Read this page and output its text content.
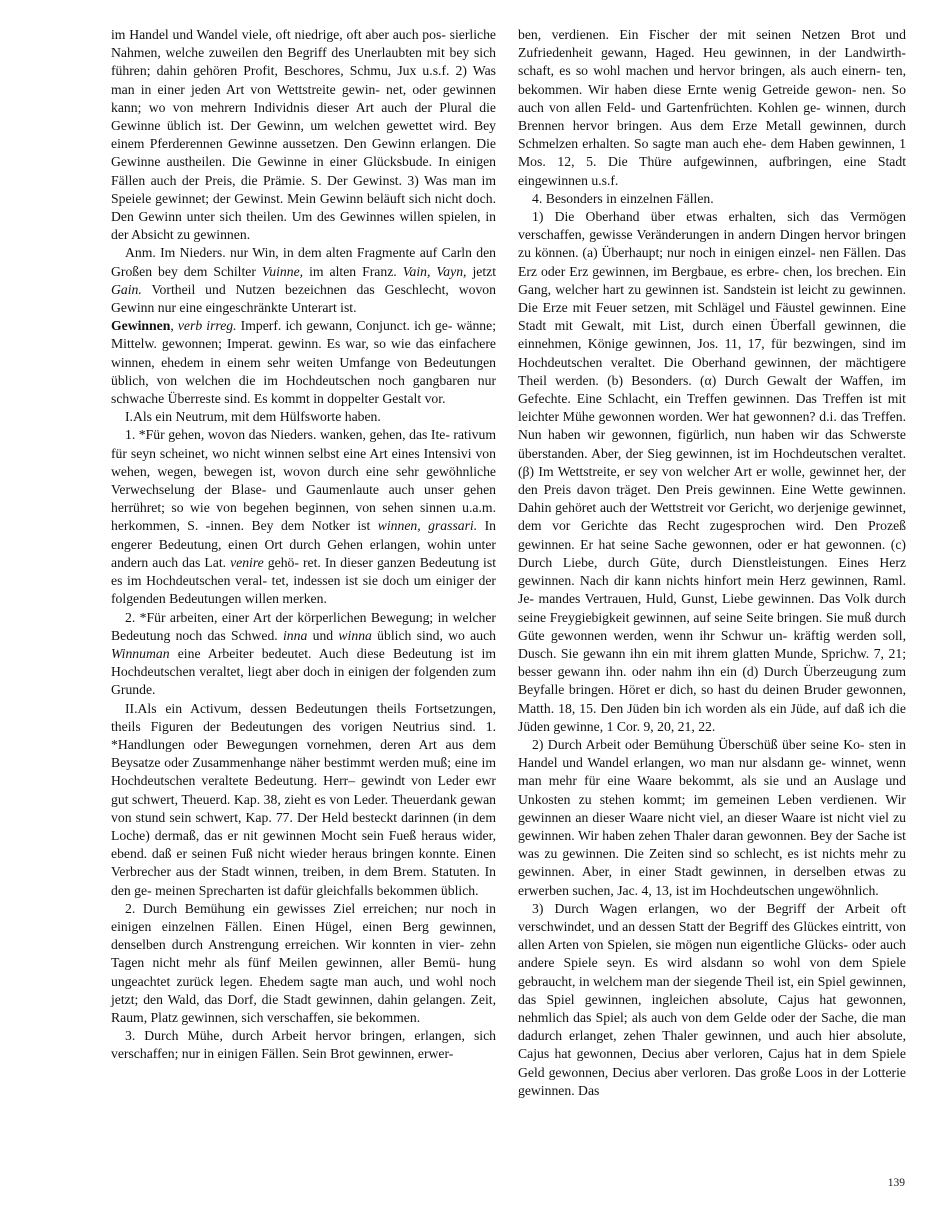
im Handel und Wandel viele, oft niedrige, oft aber auch pos- sierliche Nahmen, welche zuweilen den Begriff des Unerlaubten mit bey sich führen; dahin gehören Profit, Beschores, Schmu, Jux u.s.f. 2) Was man in einer jeden Art von Wettstreite gewin- net, oder gewinnen kann; wo von mehrern Individnis dieser Art auch der Plural die Gewinne üblich ist. Der Gewinn, um welchen gewettet wird. Bey einem Pferderennen Gewinne aussetzen. Den Gewinn erlangen. Die Gewinne austheilen. Die Gewinne in einer Glücksbude. In einigen Fällen auch der Preis, die Prämie. S. Der Gewinst. 3) Was man im Speiele gewinnet; der Gewinst. Mein Gewinn beläuft sich nicht doch. Den Gewinn unter sich theilen. Um des Gewinnes willen spielen, in der Absicht zu gewinnen.

Anm. Im Nieders. nur Win, in dem alten Fragmente auf Carln den Großen bey dem Schilter Vuinne, im alten Franz. Vain, Vayn, jetzt Gain. Vortheil und Nutzen bezeichnen das Geschlecht, wovon Gewinn nur eine eingeschränkte Unterart ist.

Gewinnen, verb irreg. Imperf. ich gewann, Conjunct. ich ge- wänne; Mittelw. gewonnen; Imperat. gewinn. Es war, so wie das einfachere winnen, ehedem in einem sehr weiten Umfange von Bedeutungen üblich, von welchen die im Hochdeutschen noch gangbaren nur schwache Überreste sind. Es kommt in doppelter Gestalt vor.

I.Als ein Neutrum, mit dem Hülfsworte haben.

1. *Für gehen, wovon das Nieders. wanken, gehen, das Ite- rativum für seyn scheinet, wo nicht winnen selbst eine Art eines Intensivi von wehen, wegen, bewegen ist, wovon durch eine sehr gewöhnliche Verwechselung der Blase- und Gaumenlaute auch unser gehen herrühret; so wie von begehen beginnen, von sehen sinnen u.a.m. herkommen, S. -innen. Bey dem Notker ist winnen, grassari. In engerer Bedeutung, einen Ort durch Gehen erlangen, wohin unter andern auch das Lat. venire gehö- ret. In dieser ganzen Bedeutung ist es im Hochdeutschen veral- tet, indessen ist sie doch um einiger der folgenden Bedeutungen willen merken.

2. *Für arbeiten, einer Art der körperlichen Bewegung; in welcher Bedeutung noch das Schwed. inna und winna üblich sind, wo auch Winnuman eine Arbeiter bedeutet. Auch diese Bedeutung ist im Hochdeutschen veraltet, liegt aber doch in einigen der folgenden zum Grunde.

II.Als ein Activum, dessen Bedeutungen theils Fortsetzungen, theils Figuren der Bedeutungen des vorigen Neutrius sind. 1. *Handlungen oder Bewegungen vornehmen, deren Art aus dem Beysatze oder Zusammenhange näher bestimmt werden muß; eine im Hochdeutschen veraltete Bedeutung. Herr– gewindt von Leder ewr gut schwert, Theuerd. Kap. 38, zieht es von Leder. Theuerdank gewan von stund sein schwert, Kap. 77. Der Held besteckt darinnen (in dem Loche) dermaß, das er nit gewinnen Mocht sein Fueß heraus wider, ebend. daß er seinen Fuß nicht wieder heraus bringen konnte. Einen Verbrecher aus der Stadt winnen, treiben, in dem Brem. Statuten. In den ge- meinen Sprecharten ist dafür gleichfalls bekommen üblich.

2. Durch Bemühung ein gewisses Ziel erreichen; nur noch in einigen einzelnen Fällen. Einen Hügel, einen Berg gewinnen, denselben durch Anstrengung erreichen. Wir konnten in vier- zehn Tagen nicht mehr als fünf Meilen gewinnen, aller Bemü- hung ungeachtet zurück legen. Ehedem sagte man auch, und wohl noch jetzt; den Wald, das Dorf, die Stadt gewinnen, dahin gelangen. Zeit, Raum, Platz gewinnen, sich verschaffen, sie bekommen.

3. Durch Mühe, durch Arbeit hervor bringen, erlangen, sich verschaffen; nur in einigen Fällen. Sein Brot gewinnen, erwer-

ben, verdienen. Ein Fischer der mit seinen Netzen Brot und Zufriedenheit gewann, Haged. Heu gewinnen, in der Landwirth- schaft, es so wohl machen und hervor bringen, als auch einern- ten, bekommen. Wir haben diese Ernte wenig Getreide gewon- nen. So auch von allen Feld- und Gartenfrüchten. Kohlen ge- winnen, durch Brennen hervor bringen. Aus dem Erze Metall gewinnen, durch Schmelzen erhalten. So sagte man auch ehe- dem Haben gewinnen, 1 Mos. 12, 5. Die Thüre aufgewinnen, aufbringen, eine Stadt eingewinnen u.s.f.

4. Besonders in einzelnen Fällen.

1) Die Oberhand über etwas erhalten, sich das Vermögen verschaffen, gewisse Veränderungen in andern Dingen hervor bringen zu können. (a) Überhaupt; nur noch in einigen einzel- nen Fällen. Das Erz oder Erz gewinnen, im Bergbaue, es erbre- chen, los brechen. Ein Gang, welcher hart zu gewinnen ist. Sandstein ist leicht zu gewinnen. Die Erze mit Feuer setzen, mit Schlägel und Fäustel gewinnen. Eine Stadt mit Gewalt, mit List, durch einen Überfall gewinnen, die einnehmen, Könige gewinnen, Jos. 11, 17, für bezwingen, sind im Hochdeutschen veraltet. Die Oberhand gewinnen, der mächtigere Theil werden. (b) Besonders. (α) Durch Gewalt der Waffen, im Gefechte. Eine Schlacht, ein Treffen gewinnen. Das Treffen ist mit leichter Mühe gewonnen worden. Wer hat gewonnen? d.i. das Treffen. Nun haben wir gewonnen, figürlich, nun haben wir das Schwerste überstanden. Aber, der Sieg gewinnen, ist im Hochdeutschen veraltet. (β) Im Wettstreite, er sey von welcher Art er wolle, gewinnet her, der den Preis davon träget. Den Preis gewinnen. Eine Wette gewinnen. Dahin gehöret auch der Wettstreit vor Gericht, wo derjenige gewinnet, dem vor Gerichte das Recht zugesprochen wird. Den Prozeß gewinnen. Er hat seine Sache gewonnen, oder er hat gewonnen. (c) Durch Liebe, durch Güte, durch Dienstleistungen. Eines Herz gewinnen. Nach dir kann nichts hinfort mein Herz gewinnen, Raml. Je- mandes Vertrauen, Huld, Gunst, Liebe gewinnen. Das Volk durch seine Freygiebigkeit gewinnen, auf seine Seite bringen. Sie muß durch Güte gewonnen werden, wenn ihr Schwur un- kräftig werden soll, Dusch. Sie gewann ihn ein mit ihrem glatten Munde, Sprichw. 7, 21; besser gewann ihn. oder nahm ihn ein (d) Durch Überzeugung zum Beyfalle bringen. Höret er dich, so hast du deinen Bruder gewonnen, Matth. 18, 15. Den Jüden bin ich worden als ein Jüde, auf daß ich die Jüden gewinne, 1 Cor. 9, 20, 21, 22.

2) Durch Arbeit oder Bemühung Überschüß über seine Ko- sten in Handel und Wandel erlangen, wo man nur alsdann ge- winnet, wenn man mehr für eine Waare bekommt, als sie und an Auslage und Unkosten zu stehen kommt; im gemeinen Leben verdienen. Wir gewinnen an dieser Waare nicht viel, an dieser Waare ist nicht viel zu gewinnen. Wir haben zehen Thaler daran gewonnen. Bey der Sache ist was zu gewinnen. Die Zeiten sind so schlecht, es ist nichts mehr zu gewinnen. Aber, in einer Stadt gewinnen, in derselben etwas zu erwerben suchen, Jac. 4, 13, ist im Hochdeutschen ungewöhnlich.

3) Durch Wagen erlangen, wo der Begriff der Arbeit oft verschwindet, und an dessen Statt der Begriff des Glückes eintritt, von allen Arten von Spielen, sie mögen nun eigentliche Glücks- oder auch andere Spiele seyn. Es wird alsdann so wohl von dem Spiele gebraucht, in welchem man der siegende Theil ist, ein Spiel gewinnen, das Spiel gewinnen, ingleichen absolute, Cajus hat gewonnen, nehmlich das Spiel; als auch von dem Gelde oder der Sache, die man dadurch erlanget, zehen Thaler gewinnen, und auch hier absolute, Cajus hat gewonnen, Decius aber verloren, Cajus hat in dem Spiele Geld gewonnen, Decius aber verloren. Das große Loos in der Lotterie gewinnen. Das

139
